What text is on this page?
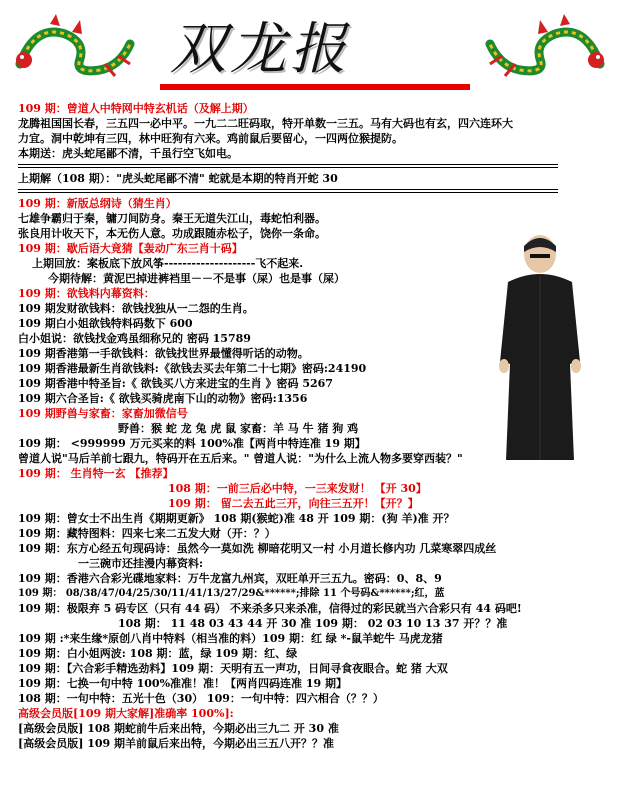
双龙报
109 期：曾道人中特网中特玄机话（及解上期）
龙腾祖国国长春，三五四一必中平。一九二二旺码取，特开单数一三五。马有大码也有玄，四六连环大
力宜。洞中乾坤有三四，林中旺狗有六来。鸡前鼠后要留心，一四两位猴提防。
本期送：虎头蛇尾鄙不清，千虽行空飞如电。
上期解（108 期）："虎头蛇尾鄙不清" 蛇就是本期的特肖开蛇 30
109 期：新版总纲诗（猜生肖）
七雄争霸归于秦，镛刀间防身。秦王无道失江山，毒蛇怕利器。
张良用计收天下，本无伤人意。功成跟随赤松子，饶你一条命。
109 期：歇后语大竟猜【轰动广东三肖十码】
上期回放：案板底下放风筝--------------------飞不起来.
今期待解：黄泥巴掉进裤裆里－－不是事（屎）也是事（屎）
109 期：欲钱料内幕资料：
109 期发财欲钱料：欲钱找独从一二怨的生肖。
109 期白小姐欲钱特料码数下 600
白小姐说：欲钱找金鸡虽细称兄的 密码 15789
109 期香港第一手欲钱料：欲钱找世界最懂得听话的动物。
109 期香港最新生肖欲钱料:《欲钱去买去年第二十七期》密码:24190
109 期香港中特圣旨:《 欲钱买八方来进宝的生肖 》密码 5267
109 期六合圣旨:《 欲钱买骑虎南下山的动物》密码:1356
109 期野兽与家畜：家畜加微信号
野兽：猴 蛇 龙 兔 虎 鼠 家畜：羊 马 牛 猪 狗 鸡
109 期： <999999 万元买来的料 100%准【两肖中特连准 19 期】
曾道人说"马后羊前七跟九，特码开在五后来。" 曾道人说："为什么上流人物多要穿西装？"
109 期： 生肖特一玄 【推荐】
108 期：一前三后必中特，一三来发财！ 【开 30】
109 期： 留二去五此三开，向往三五开！【开？】
109 期：曾女士不出生肖《期期更新》 108 期(猴蛇)准 48 开 109 期：(狗 羊)准 开？
109 期：藏特图料：四来七来二五发大财（开：？）
109 期：东方心经五句现码诗：虽然今一莫如洗 柳暗花明又一村 小月道长修内功 几菜寒翠四成丝
一三碗市还挂漫内幕资料:
109 期：香港六合彩光碟地家料：万牛龙富九州宾，双旺单开三五九。密码：0、8、9
109 期： 08/38/47/04/25/30/11/41/13/27/29&******;排除 11 个号码&******;红，蓝
109 期：极限弃 5 码专区（只有 44 码） 不来杀多只来杀准，信得过的彩民就当六合彩只有 44 码吧!
108 期： 11 48 03 43 44 开 30 准 109 期： 02 03 10 13 37 开？？准
109 期 :*来生缘*原创八肖中特料（相当准的料）109 期：红 绿 *-鼠羊蛇牛 马虎龙猪
109 期：白小姐两波: 108 期：蓝，绿 109 期：红、绿
109 期：【六合彩手精选劲料】109 期：天明有五一声功，日间寻食夜眼合。蛇 猪 大双
109 期：七换一句中特 100%准准！准！【两肖四码连准 19 期】
108 期：一句中特：五光十色（30） 109：一句中特：四六相合（？？）
高级会员版[109 期大家解]准确率 100%]:
[高级会员版] 108 期蛇前牛后来出特，今期必出三九二 开 30 准
[高级会员版] 109 期羊前鼠后来出特，今期必出三五八开？？准
